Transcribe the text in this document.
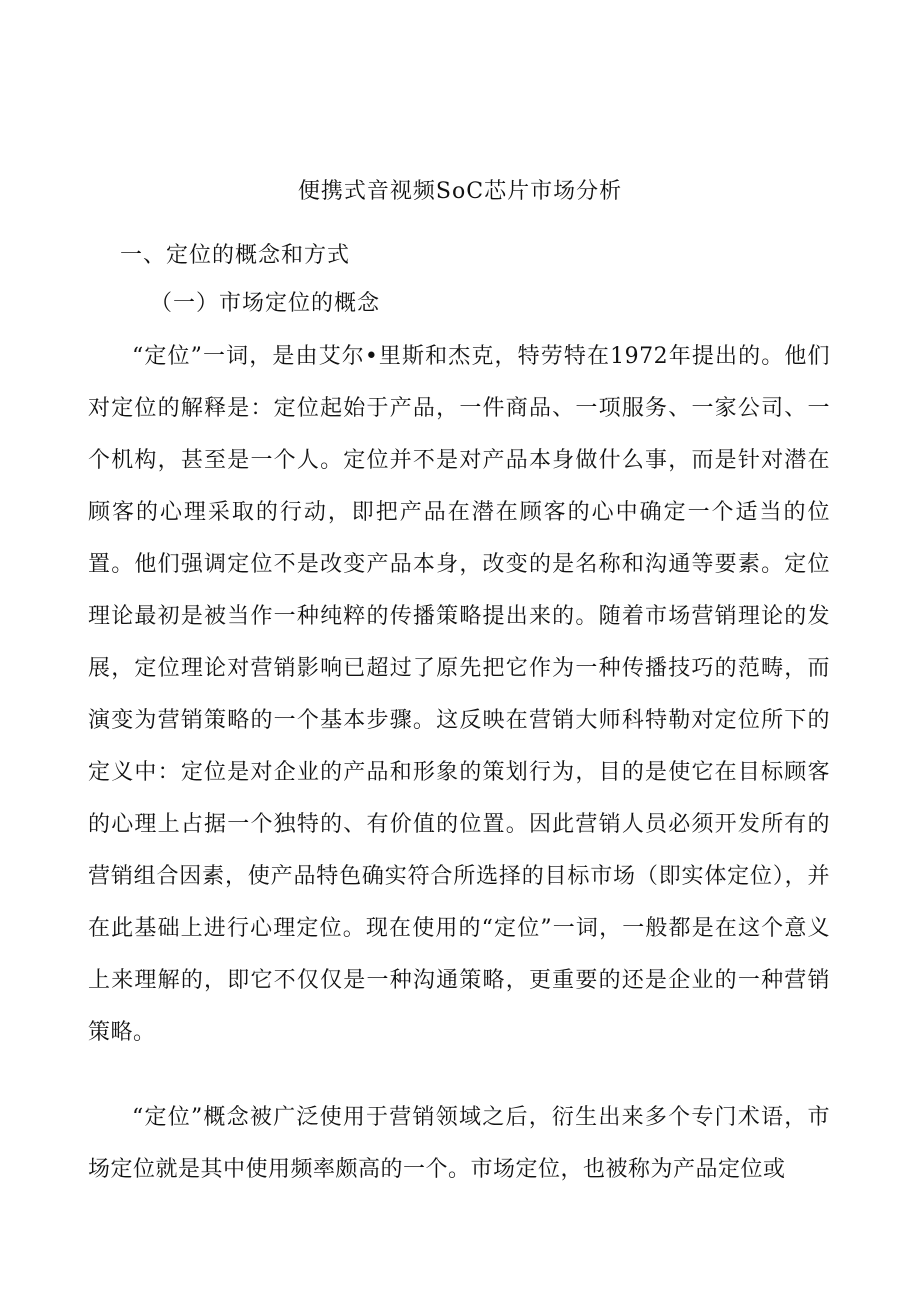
便携式音视频SoC芯片市场分析
一、定位的概念和方式
（一）市场定位的概念

“定位”一词，是由艾尔•里斯和杰克，特劳特在1972年提出的。他们对定位的解释是：定位起始于产品，一件商品、一项服务、一家公司、一个机构，甚至是一个人。定位并不是对产品本身做什么事，而是针对潜在顾客的心理采取的行动，即把产品在潜在顾客的心中确定一个适当的位置。他们强调定位不是改变产品本身，改变的是名称和沟通等要素。定位理论最初是被当作一种纯粹的传播策略提出来的。随着市场营销理论的发展，定位理论对营销影响已超过了原先把它作为一种传播技巧的范畴，而演变为营销策略的一个基本步骤。这反映在营销大师科特勒对定位所下的定义中：定位是对企业的产品和形象的策划行为，目的是使它在目标顾客的心理上占据一个独特的、有价值的位置。因此营销人员必须开发所有的营销组合因素，使产品特色确实符合所选择的目标市场（即实体定位），并在此基础上进行心理定位。现在使用的“定位”一词，一般都是在这个意义上来理解的，即它不仅仅是一种沟通策略，更重要的还是企业的一种营销策略。

“定位”概念被广泛使用于营销领域之后，衍生出来多个专门术语，市场定位就是其中使用频率颇高的一个。市场定位，也被称为产品定位或
